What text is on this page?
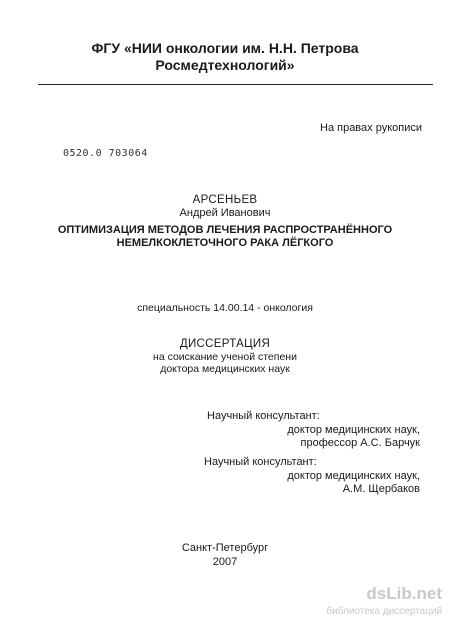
ФГУ «НИИ онкологии им. Н.Н. Петрова
Росмедтехнологий»
На правах рукописи
0520.0 703064
АРСЕНЬЕВ
Андрей Иванович
ОПТИМИЗАЦИЯ МЕТОДОВ ЛЕЧЕНИЯ РАСПРОСТРАНЁННОГО
НЕМЕЛКОКЛЕТОЧНОГО РАКА ЛЁГКОГО
специальность 14.00.14 - онкология
ДИССЕРТАЦИЯ
на соискание ученой степени
доктора медицинских наук
Научный консультант:
доктор медицинских наук,
профессор А.С. Барчук
Научный консультант:
доктор медицинских наук,
А.М. Щербаков
Санкт-Петербург
2007
dsLib.net
библиотека диссертаций
